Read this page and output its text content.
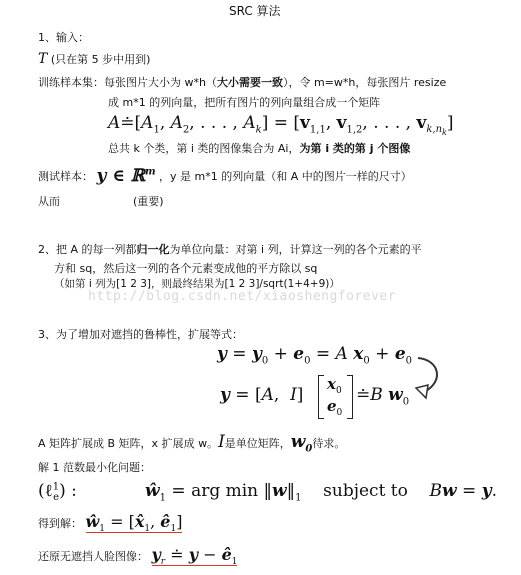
SRC 算法
1、输入：
T (只在第 5 步中用到)
训练样本集：每张图片大小为 w*h（大小需要一致），令 m=w*h，每张图片 resize
成 m*1 的列向量，把所有图片的列向量组合成一个矩阵
$A≐[A_1$, $A_2$, . . . , $A_k] = [v_{1,1}$, $v_{1,2}$, . . . , $v_{k,n_k}$]
总共 k 个类，第 i 类的图像集合为 Ai，为第 i 类的第 j 个图像
测试样本： y ∈ ℝ$^m$ ，y 是 m*1 的列向量（和 A 中的图片一样的尺寸）
从而	(重要)
2、把 A 的每一列都归一化为单位向量：对第 i 列，计算这一列的各个元素的平
方和 sq，然后这一列的各个元素变成他的平方除以 sq
（如第 i 列为[1 2 3]，则最终结果为[1 2 3]/sqrt(1+4+9)）
http://blog.csdn.net/xiaoshengforever
3、为了增加对遮挡的鲁棒性，扩展等式：
$y = y_0 + e_0 = A$ $x_0 + e_0$
y = [A,  I]
$x_0$
$e_0$
≐B $w_0$
A 矩阵扩展成 B 矩阵，x 扩展成 w。I是单位矩阵，$w_0$待求。
解 1 范数最小化问题：
(ℓ$^1_e$) :	$ŵ_1$ = arg $\min ‖w‖_1$    subject to    Bw = y.
得到解： $ŵ_1$ = [$x̂_1$, $ê_1$]
还原无遮挡人脸图像： $y_r$ ≐ $y - ê_1$
